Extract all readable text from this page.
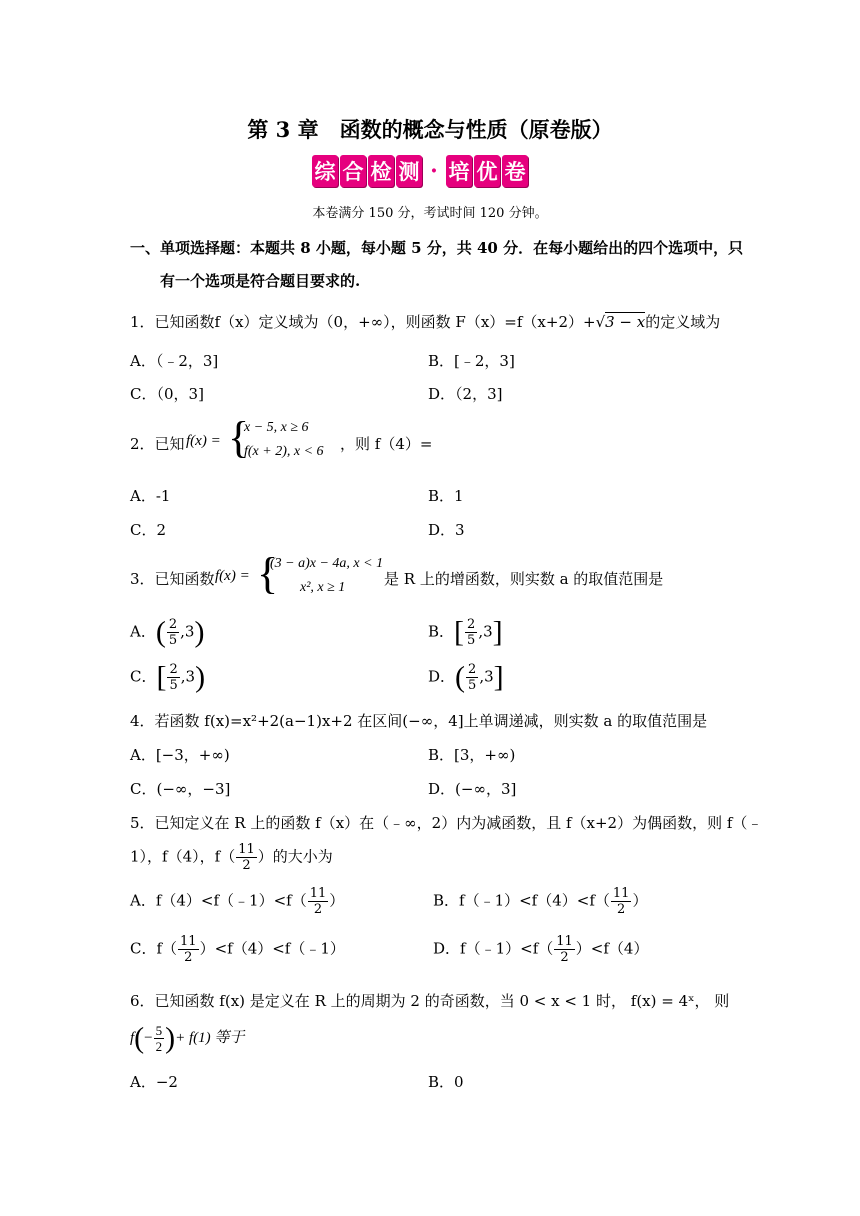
第 3 章　函数的概念与性质（原卷版）
综 合 检 测 · 培 优 卷
本卷满分 150 分，考试时间 120 分钟。
一、单项选择题：本题共 8 小题，每小题 5 分，共 40 分．在每小题给出的四个选项中，只
有一个选项是符合题目要求的.
1．已知函数f（x）定义域为（0，+∞），则函数 F（x）=f（x+2）+√3 − x的定义域为
A．（﹣2，3]	B．[﹣2，3]
C．（0，3]	D．（2，3]
2．已知 f(x) = {
x − 5, x ≥ 6
f(x + 2), x < 6 ，则 f（4）=
A．-1	B．1
C．2	D．3
3．已知函数 f(x) = {
(3 − a)x − 4a, x < 1
x², x ≥ 1	是 R 上的增函数，则实数 a 的取值范围是
A．( $\frac{2}{5} ,3$)	B．[ $\frac{2}{5} ,3$]
C．[ $\frac{2}{5} ,3$)	D．( $\frac{2}{5} ,3$]
4．若函数 f(x)=x²+2(a−1)x+2 在区间(−∞，4]上单调递减，则实数 a 的取值范围是
A．[−3，+∞)	B．[3，+∞)
C．(−∞，−3]	D．(−∞，3]
5．已知定义在 R 上的函数 f（x）在（﹣∞，2）内为减函数，且 f（x+2）为偶函数，则 f（﹣
1），f（4），$f( \frac{11}{2}$ ）的大小为
A．f（4）<f（﹣1）<f（ $\frac{11}{2}$ ）	B．f（﹣1）<f（4）<f（ $\frac{11}{2}$ ）
C．$f( \frac{11}{2}$ ）<f（4）<f（﹣1）	D．f（﹣1）<f（ $\frac{11}{2} )<f(4)$
6．已知函数 f(x) 是定义在 R 上的周期为 2 的奇函数，当 0 < x < 1 时， f(x) = 4ˣ， 则
$f(- \frac{5}{2}$ )+ f(1) 等于
A．−2	B．0
